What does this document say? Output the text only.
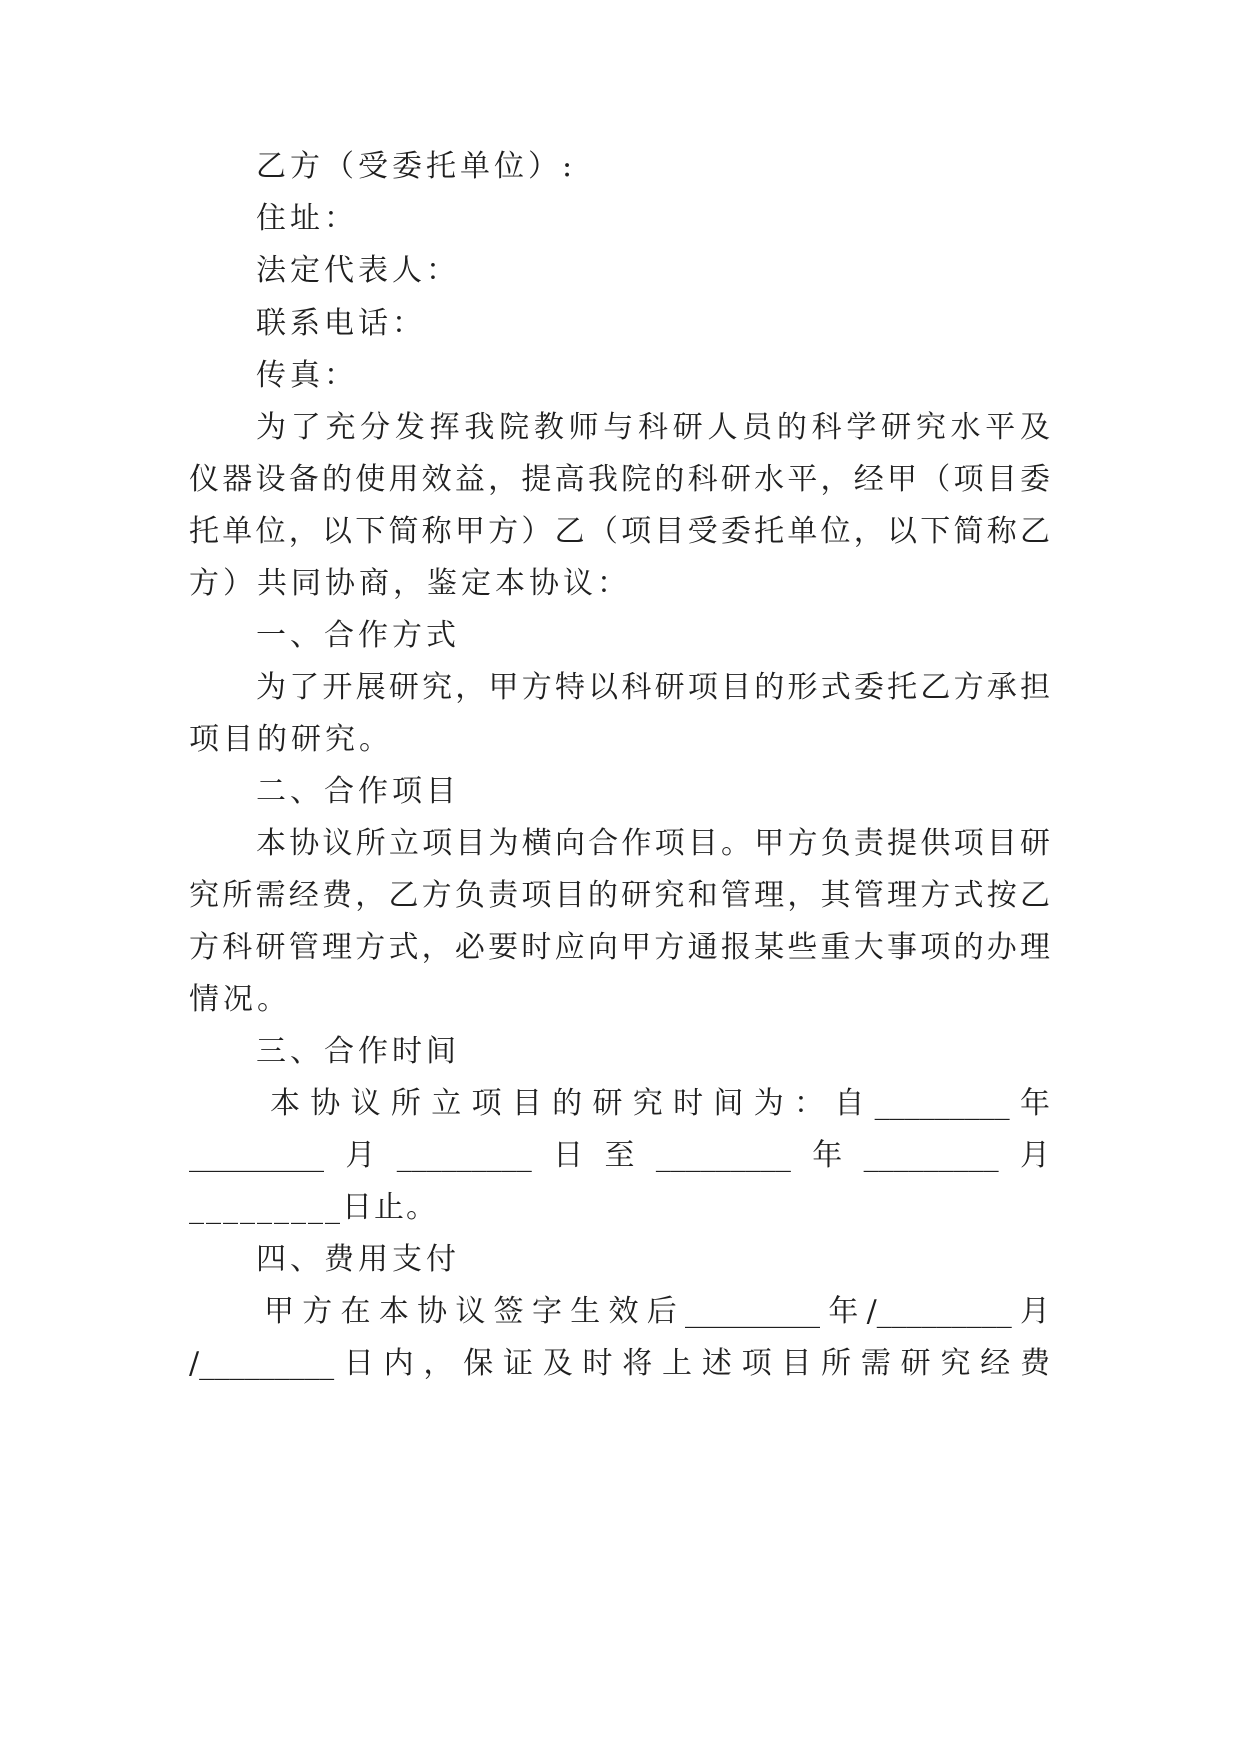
乙方（受委托单位）:
住址：
法定代表人：
联系电话：
传真：
为了充分发挥我院教师与科研人员的科学研究水平及
仪器设备的使用效益，提高我院的科研水平，经甲（项目委
托单位，以下简称甲方）乙（项目受委托单位，以下简称乙
方）共同协商，鉴定本协议：
一、合作方式
为了开展研究，甲方特以科研项目的形式委托乙方承担
项目的研究。
二、合作项目
本协议所立项目为横向合作项目。甲方负责提供项目研
究所需经费，乙方负责项目的研究和管理，其管理方式按乙
方科研管理方式，必要时应向甲方通报某些重大事项的办理
情况。
三、合作时间
本协议所立项目的研究时间为：自_________年
_________月_________日至_________年_________月
_________日止。
四、费用支付
甲方在本协议签字生效后_________年/_________月
/_________日内，保证及时将上述项目所需研究经费
